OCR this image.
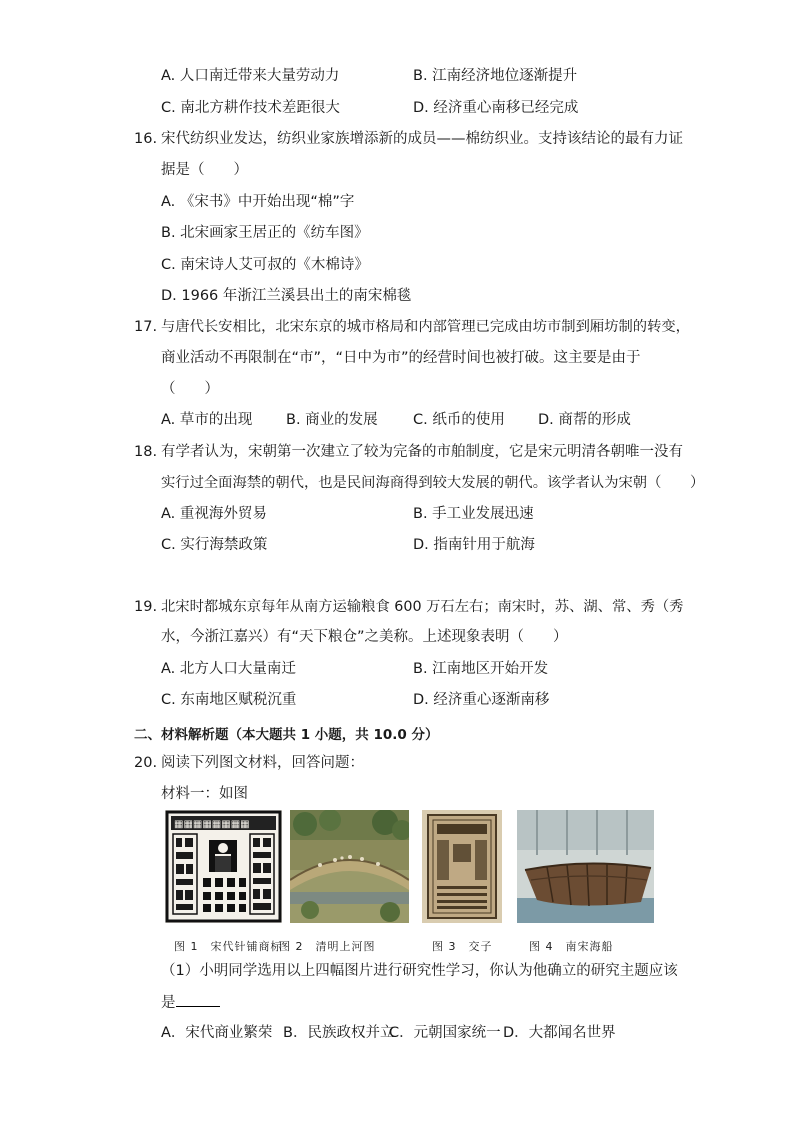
A. 人口南迁带来大量劳动力	B. 江南经济地位逐渐提升
C. 南北方耕作技术差距很大	D. 经济重心南移已经完成
16. 宋代纺织业发达，纺织业家族增添新的成员——棉纺织业。支持该结论的最有力证
据是（　　）
A. 《宋书》中开始出现“棉”字
B. 北宋画家王居正的《纺车图》
C. 南宋诗人艾可叔的《木棉诗》
D. 1966 年浙江兰溪县出土的南宋棉毯
17. 与唐代长安相比，北宋东京的城市格局和内部管理已完成由坊市制到厢坊制的转变，
商业活动不再限制在“市”，“日中为市”的经营时间也被打破。这主要是由于
（　　）
A. 草市的出现 B. 商业的发展 C. 纸币的使用 D. 商帮的形成
18. 有学者认为，宋朝第一次建立了较为完备的市舶制度，它是宋元明清各朝唯一没有
实行过全面海禁的朝代，也是民间海商得到较大发展的朝代。该学者认为宋朝（　　）
A. 重视海外贸易	B. 手工业发展迅速
C. 实行海禁政策	D. 指南针用于航海
19. 北宋时都城东京每年从南方运输粮食 600 万石左右；南宋时，苏、湖、常、秀（秀
水，今浙江嘉兴）有“天下粮仓”之美称。上述现象表明（　　）
A. 北方人口大量南迁	B. 江南地区开始开发
C. 东南地区赋税沉重	D. 经济重心逐渐南移
二、材料解析题（本大题共 1 小题，共 10.0 分）
20. 阅读下列图文材料，回答问题：
材料一：如图
▦▦▦▦▦▦▦▦
图 1　宋代针铺商标
图 2　清明上河图	图 3　交子	图 4　南宋海船
（1）小明同学选用以上四幅图片进行研究性学习，你认为他确立的研究主题应该
是
A．宋代商业繁荣 B．民族政权并立
C．元朝国家统一 D．大都闻名世界
